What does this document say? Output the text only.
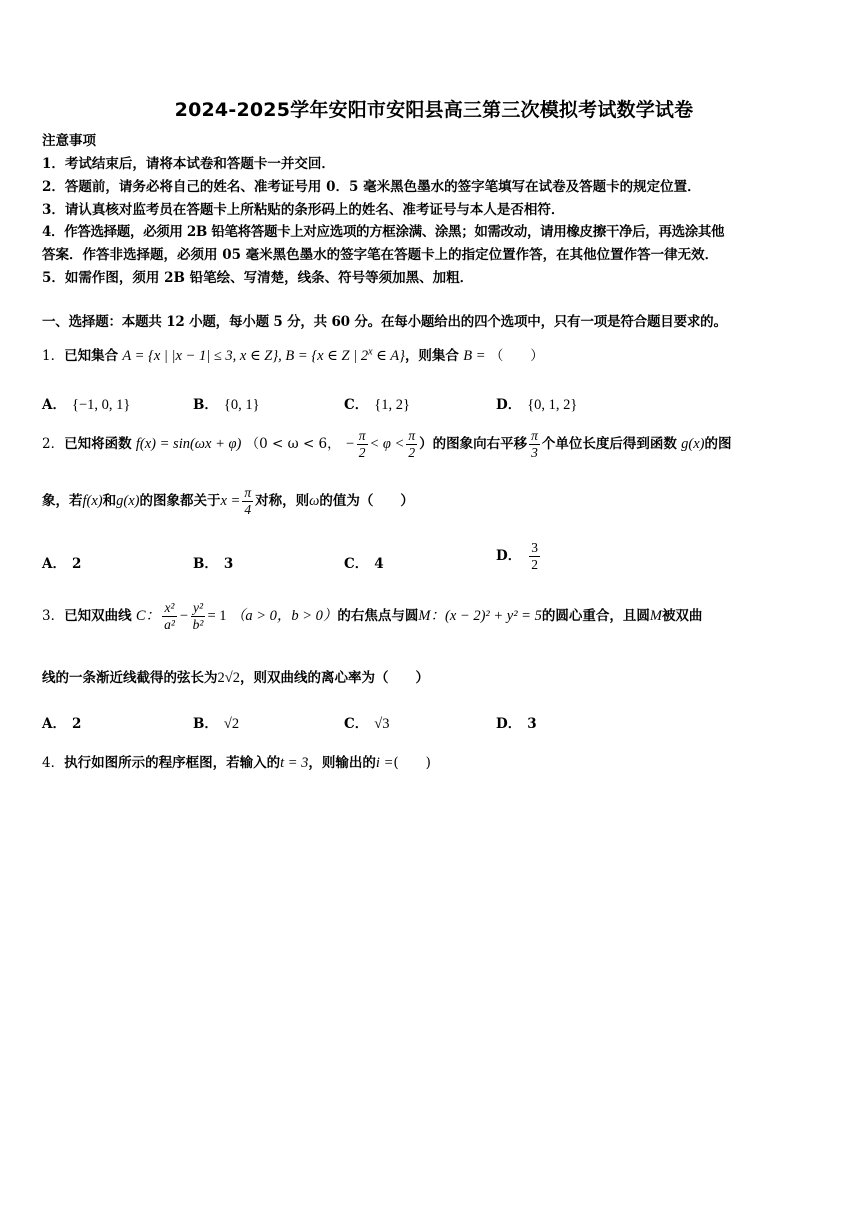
2024-2025学年安阳市安阳县高三第三次模拟考试数学试卷
注意事项
1．考试结束后，请将本试卷和答题卡一并交回．
2．答题前，请务必将自己的姓名、准考证号用 0．5 毫米黑色墨水的签字笔填写在试卷及答题卡的规定位置．
3．请认真核对监考员在答题卡上所粘贴的条形码上的姓名、准考证号与本人是否相符．
4．作答选择题，必须用 2B 铅笔将答题卡上对应选项的方框涂满、涂黑；如需改动，请用橡皮擦干净后，再选涂其他
答案．作答非选择题，必须用 05 毫米黑色墨水的签字笔在答题卡上的指定位置作答，在其他位置作答一律无效．
5．如需作图，须用 2B 铅笔绘、写清楚，线条、符号等须加黑、加粗．
一、选择题：本题共 12 小题，每小题 5 分，共 60 分。在每小题给出的四个选项中，只有一项是符合题目要求的。
1．已知集合 A = {x | |x − 1| ≤ 3, x ∈ Z}, B = {x ∈ Z | 2$^x$ ∈ A}，则集合 B = （　　）
A． {−1, 0, 1}	B． {0, 1}	C． {1, 2}	D． {0, 1, 2}
2．已知将函数 f(x) = sin(ωx + φ) （0 < ω < 6， − $\frac{\pi}{2} < \varphi < \frac{\pi}{2}$ ）的图象向右平移 $\frac{\pi}{3}$ 个单位长度后得到函数 g(x)的图
象，若f(x)和g(x)的图象都关于$x = \frac{\pi}{4}$ 对称，则ω的值为（　　）
A． 2	B． 3	C． 4	D． $\frac{3}{2}$
3．已知双曲线 C： $\frac{\text{x²}}{\text{a²}} - \frac{\text{y²}}{\text{b²}} = 1$ （a > 0，b > 0）的右焦点与圆M：(x − 2)² + y² = 5的圆心重合，且圆M被双曲
线的一条渐近线截得的弦长为2√2，则双曲线的离心率为（　　）
A． 2	B． √2	C． √3	D． 3
4．执行如图所示的程序框图，若输入的t = 3，则输出的i =(　　)
